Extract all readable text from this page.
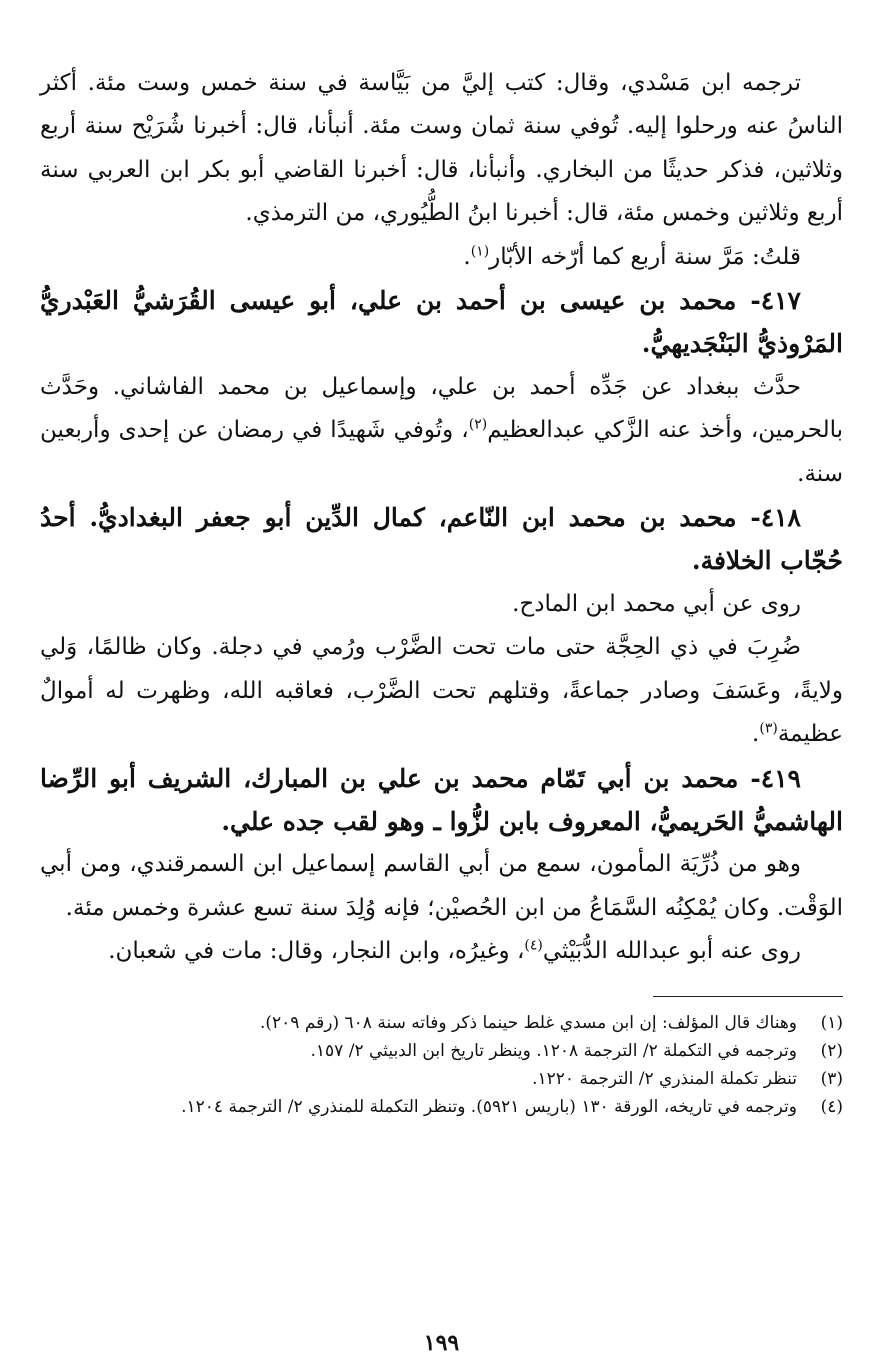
ترجمه ابن مَسْدي، وقال: كتب إليَّ من بَيَّاسة في سنة خمس وست مئة. أكثر الناسُ عنه ورحلوا إليه. تُوفي سنة ثمان وست مئة. أنبأنا، قال: أخبرنا شُرَيْح سنة أربع وثلاثين، فذكر حديثًا من البخاري. وأنبأنا، قال: أخبرنا القاضي أبو بكر ابن العربي سنة أربع وثلاثين وخمس مئة، قال: أخبرنا ابنُ الطُّيُوري، من الترمذي.

قلتُ: مَرَّ سنة أربع كما أرّخه الأبّار$^{(١)}$.

٤١٧- محمد بن عيسى بن أحمد بن علي، أبو عيسى القُرَشيُّ العَبْدريُّ المَرْوذيُّ البَنْجَديهيُّ.

حدَّث ببغداد عن جَدِّه أحمد بن علي، وإسماعيل بن محمد الفاشاني. وحَدَّث بالحرمين، وأخذ عنه الزَّكي عبدالعظيم$^{(٢)}$، وتُوفي شَهيدًا في رمضان عن إحدى وأربعين سنة.

٤١٨- محمد بن محمد ابن النّاعم، كمال الدِّين أبو جعفر البغداديُّ. أحدُ حُجّاب الخلافة.

روى عن أبي محمد ابن المادح.

ضُرِبَ في ذي الحِجَّة حتى مات تحت الضَّرْب ورُمي في دجلة. وكان ظالمًا، وَلي ولايةً، وعَسَفَ وصادر جماعةً، وقتلهم تحت الضَّرْب، فعاقبه الله، وظهرت له أموالٌ عظيمة$^{(٣)}$.

٤١٩- محمد بن أبي تَمّام محمد بن علي بن المبارك، الشريف أبو الرِّضا الهاشميُّ الحَريميُّ، المعروف بابن لزُّوا ـ وهو لقب جده علي.

وهو من ذُرِّيَة المأمون، سمع من أبي القاسم إسماعيل ابن السمرقندي، ومن أبي الوَقْت. وكان يُمْكِنُه السَّمَاعُ من ابن الحُصيْن؛ فإنه وُلِدَ سنة تسع عشرة وخمس مئة.

روى عنه أبو عبدالله الدُّبَيْثي$^{(٤)}$، وغيرُه، وابن النجار، وقال: مات في شعبان.

(١)
وهناك قال المؤلف: إن ابن مسدي غلط حينما ذكر وفاته سنة ٦٠٨ (رقم ٢٠٩).
(٢)
وترجمه في التكملة ٢/ الترجمة ١٢٠٨. وينظر تاريخ ابن الدبيثي ٢/ ١٥٧.
(٣)
تنظر تكملة المنذري ٢/ الترجمة ١٢٢٠.
(٤)
وترجمه في تاريخه، الورقة ١٣٠ (باريس ٥٩٢١). وتنظر التكملة للمنذري ٢/ الترجمة ١٢٠٤.
١٩٩
